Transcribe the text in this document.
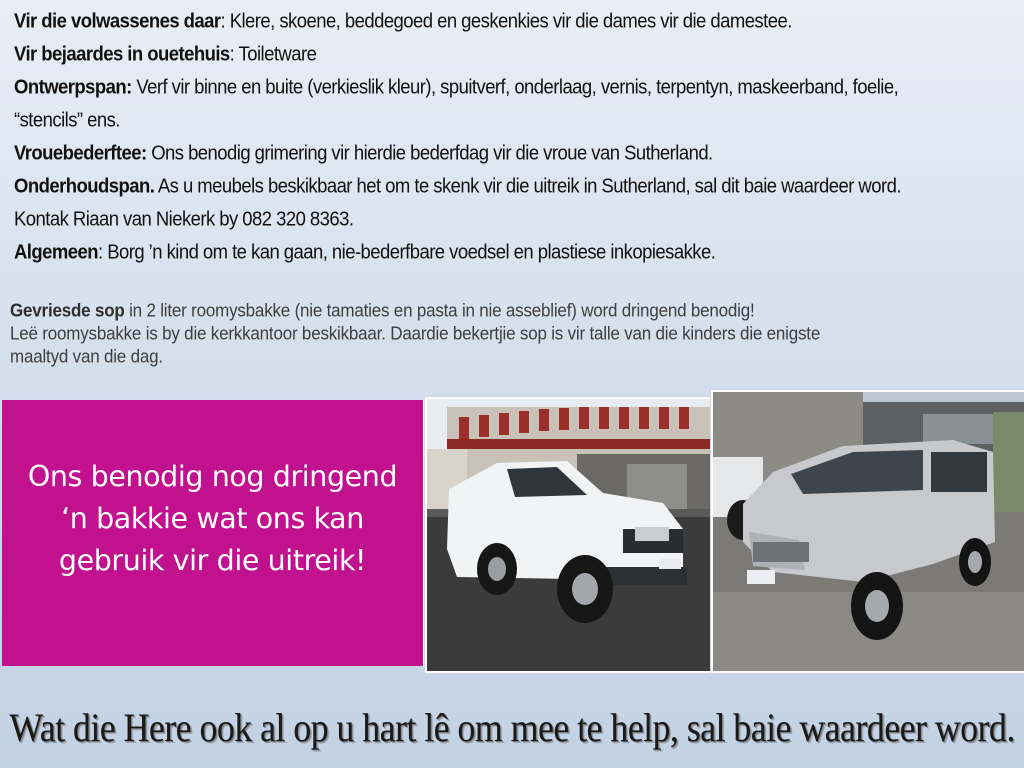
Vir die volwassenes daar: Klere, skoene, beddegoed en geskenkies vir die dames vir die damestee.
Vir bejaardes in ouetehuis: Toiletware
Ontwerpspan: Verf vir binne en buite (verkieslik kleur), spuitverf, onderlaag, vernis, terpentyn, maskeerband, foelie,
“stencils” ens.
Vrouebederftee: Ons benodig grimering vir hierdie bederfdag vir die vroue van Sutherland.
Onderhoudspan. As u meubels beskikbaar het om te skenk vir die uitreik in Sutherland, sal dit baie waardeer word.
Kontak Riaan van Niekerk by 082 320 8363.
Algemeen: Borg ’n kind om te kan gaan, nie-bederfbare voedsel en plastiese inkopiesakke.
Gevriesde sop in 2 liter roomysbakke (nie tamaties en pasta in nie asseblief) word dringend benodig!
Leë roomysbakke is by die kerkkantoor beskikbaar. Daardie bekertjie sop is vir talle van die kinders die enigste
maaltyd van die dag.
Ons benodig nog dringend
‘n bakkie wat ons kan
gebruik vir die uitreik!
Wat die Here ook al op u hart lê om mee te help, sal baie waardeer word.
